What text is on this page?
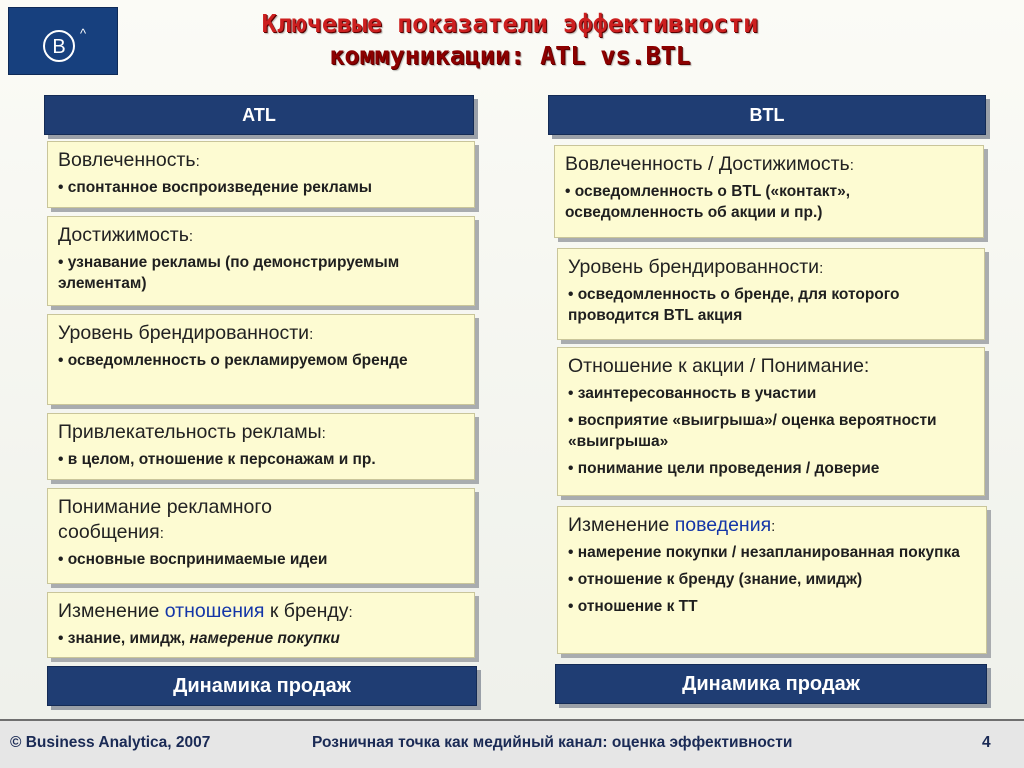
B
^	Ключевые показатели эффективности
коммуникации: ATL vs.BTL
ATL
Вовлеченность:
• спонтанное воспроизведение рекламы
Достижимость:
• узнавание рекламы (по демонстрируемым элементам)
Уровень брендированности:
• осведомленность о рекламируемом бренде
Привлекательность рекламы:
• в целом, отношение к персонажам и пр.
Понимание рекламного сообщения:
• основные воспринимаемые идеи
Изменение отношения к бренду:
• знание, имидж, намерение покупки
Динамика продаж
BTL
Вовлеченность / Достижимость:
• осведомленность о BTL («контакт», осведомленность об акции и пр.)
Уровень брендированности:
• осведомленность о бренде, для которого проводится BTL акция
Отношение к акции / Понимание:
• заинтересованность в участии
• восприятие «выигрыша»/ оценка вероятности «выигрыша»
• понимание цели проведения / доверие
Изменение поведения:
• намерение покупки / незапланированная покупка
• отношение к бренду (знание, имидж)
• отношение к ТТ
Динамика продаж
© Business Analytica, 2007	Розничная точка как медийный канал: оценка эффективности	4
